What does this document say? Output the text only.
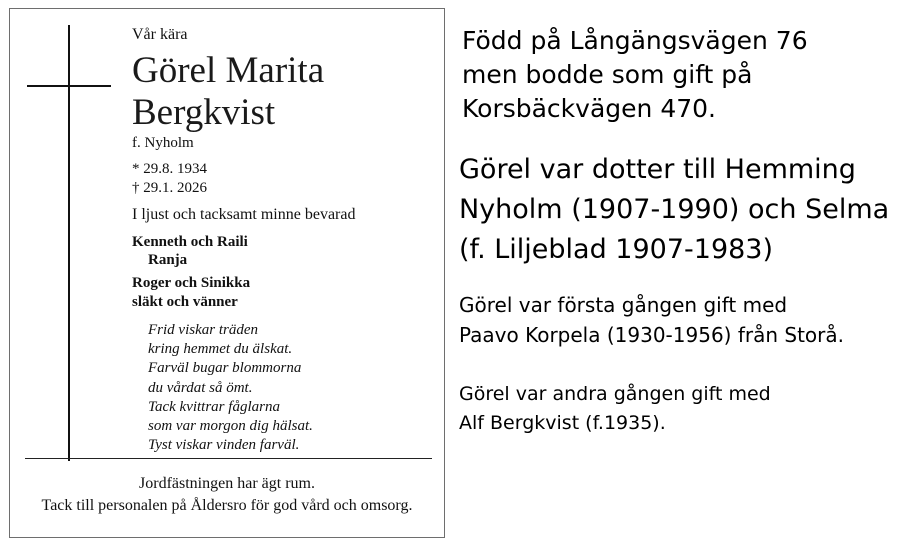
Vår kära
Görel Marita
Bergkvist
f. Nyholm
* 29.8. 1934
† 29.1. 2026
I ljust och tacksamt minne bevarad
Kenneth och Raili
Ranja
Roger och Sinikka
släkt och vänner
Frid viskar träden
kring hemmet du älskat.
Farväl bugar blommorna
du vårdat så ömt.
Tack kvittrar fåglarna
som var morgon dig hälsat.
Tyst viskar vinden farväl.
Jordfästningen har ägt rum.
Tack till personalen på Åldersro för god vård och omsorg.
Född på Långängsvägen 76
men bodde som gift på
Korsbäckvägen 470.
Görel var dotter till Hemming
Nyholm (1907-1990) och Selma
(f. Liljeblad 1907-1983)
Görel var första gången gift med
Paavo Korpela (1930-1956) från Storå.
Görel var andra gången gift med
Alf Bergkvist (f.1935).
